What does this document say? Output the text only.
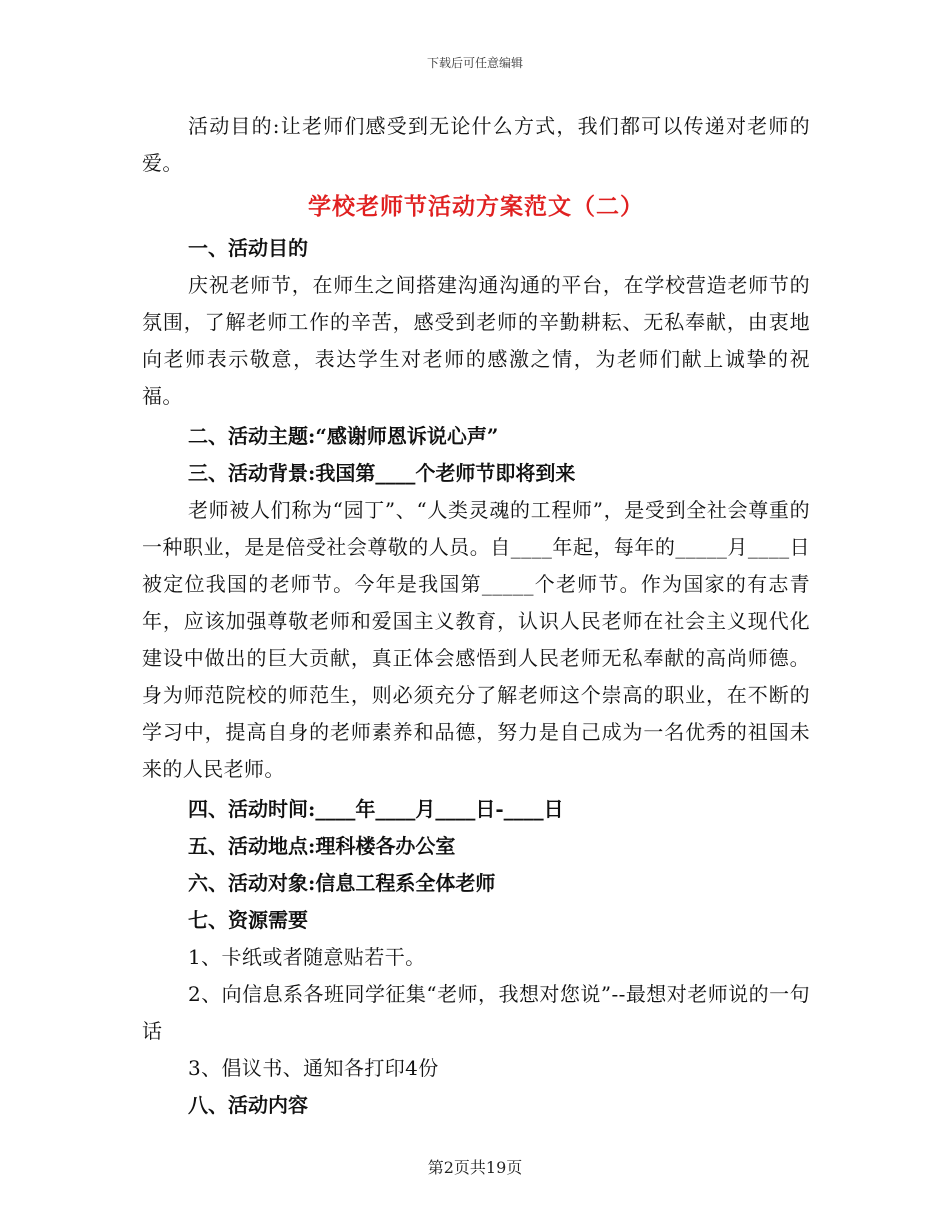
下载后可任意编辑

活动目的:让老师们感受到无论什么方式，我们都可以传递对老师的爱。

学校老师节活动方案范文（二）

一、活动目的

庆祝老师节，在师生之间搭建沟通沟通的平台，在学校营造老师节的氛围，了解老师工作的辛苦，感受到老师的辛勤耕耘、无私奉献，由衷地向老师表示敬意，表达学生对老师的感激之情，为老师们献上诚挚的祝福。

二、活动主题:“感谢师恩诉说心声”

三、活动背景:我国第____个老师节即将到来

老师被人们称为“园丁”、“人类灵魂的工程师”，是受到全社会尊重的一种职业，是是倍受社会尊敬的人员。自____年起，每年的_____月____日被定位我国的老师节。今年是我国第_____个老师节。作为国家的有志青年，应该加强尊敬老师和爱国主义教育，认识人民老师在社会主义现代化建设中做出的巨大贡献，真正体会感悟到人民老师无私奉献的高尚师德。身为师范院校的师范生，则必须充分了解老师这个崇高的职业，在不断的学习中，提高自身的老师素养和品德，努力是自己成为一名优秀的祖国未来的人民老师。

四、活动时间:____年____月____日-____日

五、活动地点:理科楼各办公室

六、活动对象:信息工程系全体老师

七、资源需要

1、卡纸或者随意贴若干。

2、向信息系各班同学征集“老师，我想对您说”--最想对老师说的一句话

3、倡议书、通知各打印4份

八、活动内容

第2页共19页
